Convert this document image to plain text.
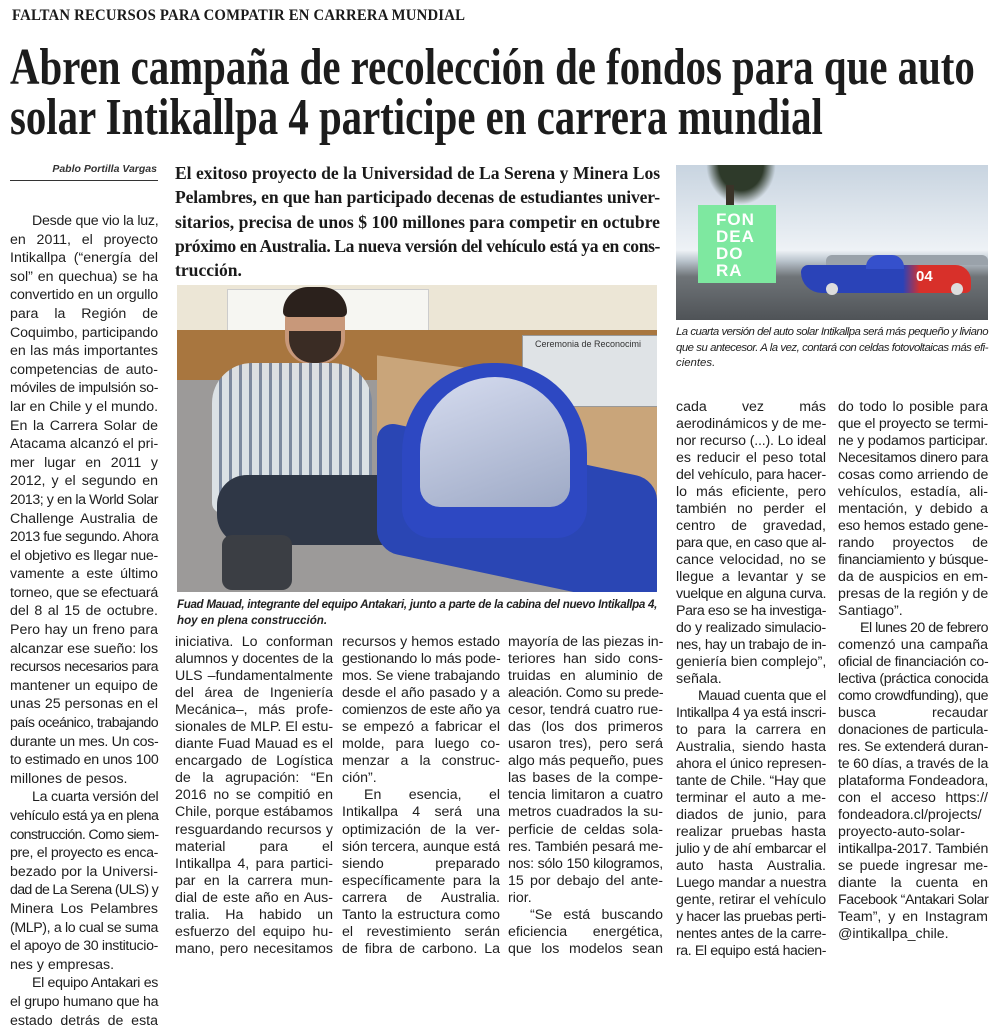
FALTAN RECURSOS PARA COMPATIR EN CARRERA MUNDIAL
Abren campaña de recolección de fondos para que auto
solar Intikallpa 4 participe en carrera mundial
Pablo Portilla Vargas El exitoso proyecto de la Universidad de La Serena y Minera Los
Pelambres, en que han participado decenas de estudiantes univer-
sitarios, precisa de unos $ 100 millones para competir en octubre
próximo en Australia. La nueva versión del vehículo está ya en cons-
trucción.
Ceremonia de Reconocimi
Fuad Mauad, integrante del equipo Antakari, junto a parte de la cabina del nuevo Intikallpa 4,
hoy en plena construcción.
FON
DEA
DO
RA	04
La cuarta versión del auto solar Intikallpa será más pequeño y liviano
que su antecesor. A la vez, contará con celdas fotovoltaicas más efi-
cientes.
Desde que vio la luz,
en 2011, el proyecto
Intikallpa (“energía del
sol” en quechua) se ha
convertido en un orgullo
para la Región de
Coquimbo, participando
en las más importantes
competencias de auto-
móviles de impulsión so-
lar en Chile y el mundo.
En la Carrera Solar de
Atacama alcanzó el pri-
mer lugar en 2011 y
2012, y el segundo en
2013; y en la World Solar
Challenge Australia de
2013 fue segundo. Ahora
el objetivo es llegar nue-
vamente a este último
torneo, que se efectuará
del 8 al 15 de octubre.
Pero hay un freno para
alcanzar ese sueño: los
recursos necesarios para
mantener un equipo de
unas 25 personas en el
país oceánico, trabajando
durante un mes. Un cos-
to estimado en unos 100
millones de pesos.
La cuarta versión del
vehículo está ya en plena
construcción. Como siem-
pre, el proyecto es enca-
bezado por la Universi-
dad de La Serena (ULS) y
Minera Los Pelambres
(MLP), a lo cual se suma
el apoyo de 30 institucio-
nes y empresas.
El equipo Antakari es
el grupo humano que ha
estado detrás de esta
iniciativa. Lo conforman
alumnos y docentes de la
ULS –fundamentalmente
del área de Ingeniería
Mecánica–, más profe-
sionales de MLP. El estu-
diante Fuad Mauad es el
encargado de Logística
de la agrupación: “En
2016 no se compitió en
Chile, porque estábamos
resguardando recursos y
material para el
Intikallpa 4, para partici-
par en la carrera mun-
dial de este año en Aus-
tralia. Ha habido un
esfuerzo del equipo hu-
mano, pero necesitamos
recursos y hemos estado
gestionando lo más pode-
mos. Se viene trabajando
desde el año pasado y a
comienzos de este año ya
se empezó a fabricar el
molde, para luego co-
menzar a la construc-
ción”.
En esencia, el
Intikallpa 4 será una
optimización de la ver-
sión tercera, aunque está
siendo preparado
específicamente para la
carrera de Australia.
Tanto la estructura como
el revestimiento serán
de fibra de carbono. La
mayoría de las piezas in-
teriores han sido cons-
truidas en aluminio de
aleación. Como su prede-
cesor, tendrá cuatro rue-
das (los dos primeros
usaron tres), pero será
algo más pequeño, pues
las bases de la compe-
tencia limitaron a cuatro
metros cuadrados la su-
perficie de celdas sola-
res. También pesará me-
nos: sólo 150 kilogramos,
15 por debajo del ante-
rior.
“Se está buscando
eficiencia energética,
que los modelos sean
cada vez más
aerodinámicos y de me-
nor recurso (...). Lo ideal
es reducir el peso total
del vehículo, para hacer-
lo más eficiente, pero
también no perder el
centro de gravedad,
para que, en caso que al-
cance velocidad, no se
llegue a levantar y se
vuelque en alguna curva.
Para eso se ha investiga-
do y realizado simulacio-
nes, hay un trabajo de in-
geniería bien complejo”,
señala.
Mauad cuenta que el
Intikallpa 4 ya está inscri-
to para la carrera en
Australia, siendo hasta
ahora el único represen-
tante de Chile. “Hay que
terminar el auto a me-
diados de junio, para
realizar pruebas hasta
julio y de ahí embarcar el
auto hasta Australia.
Luego mandar a nuestra
gente, retirar el vehículo
y hacer las pruebas perti-
nentes antes de la carre-
ra. El equipo está hacien-
do todo lo posible para
que el proyecto se termi-
ne y podamos participar.
Necesitamos dinero para
cosas como arriendo de
vehículos, estadía, ali-
mentación, y debido a
eso hemos estado gene-
rando proyectos de
financiamiento y búsque-
da de auspicios en em-
presas de la región y de
Santiago”.
El lunes 20 de febrero
comenzó una campaña
oficial de financiación co-
lectiva (práctica conocida
como crowdfunding), que
busca recaudar
donaciones de particula-
res. Se extenderá duran-
te 60 días, a través de la
plataforma Fondeadora,
con el acceso https://
fondeadora.cl/projects/
proyecto-auto-solar-
intikallpa-2017. También
se puede ingresar me-
diante la cuenta en
Facebook “Antakari Solar
Team”, y en Instagram
@intikallpa_chile.
